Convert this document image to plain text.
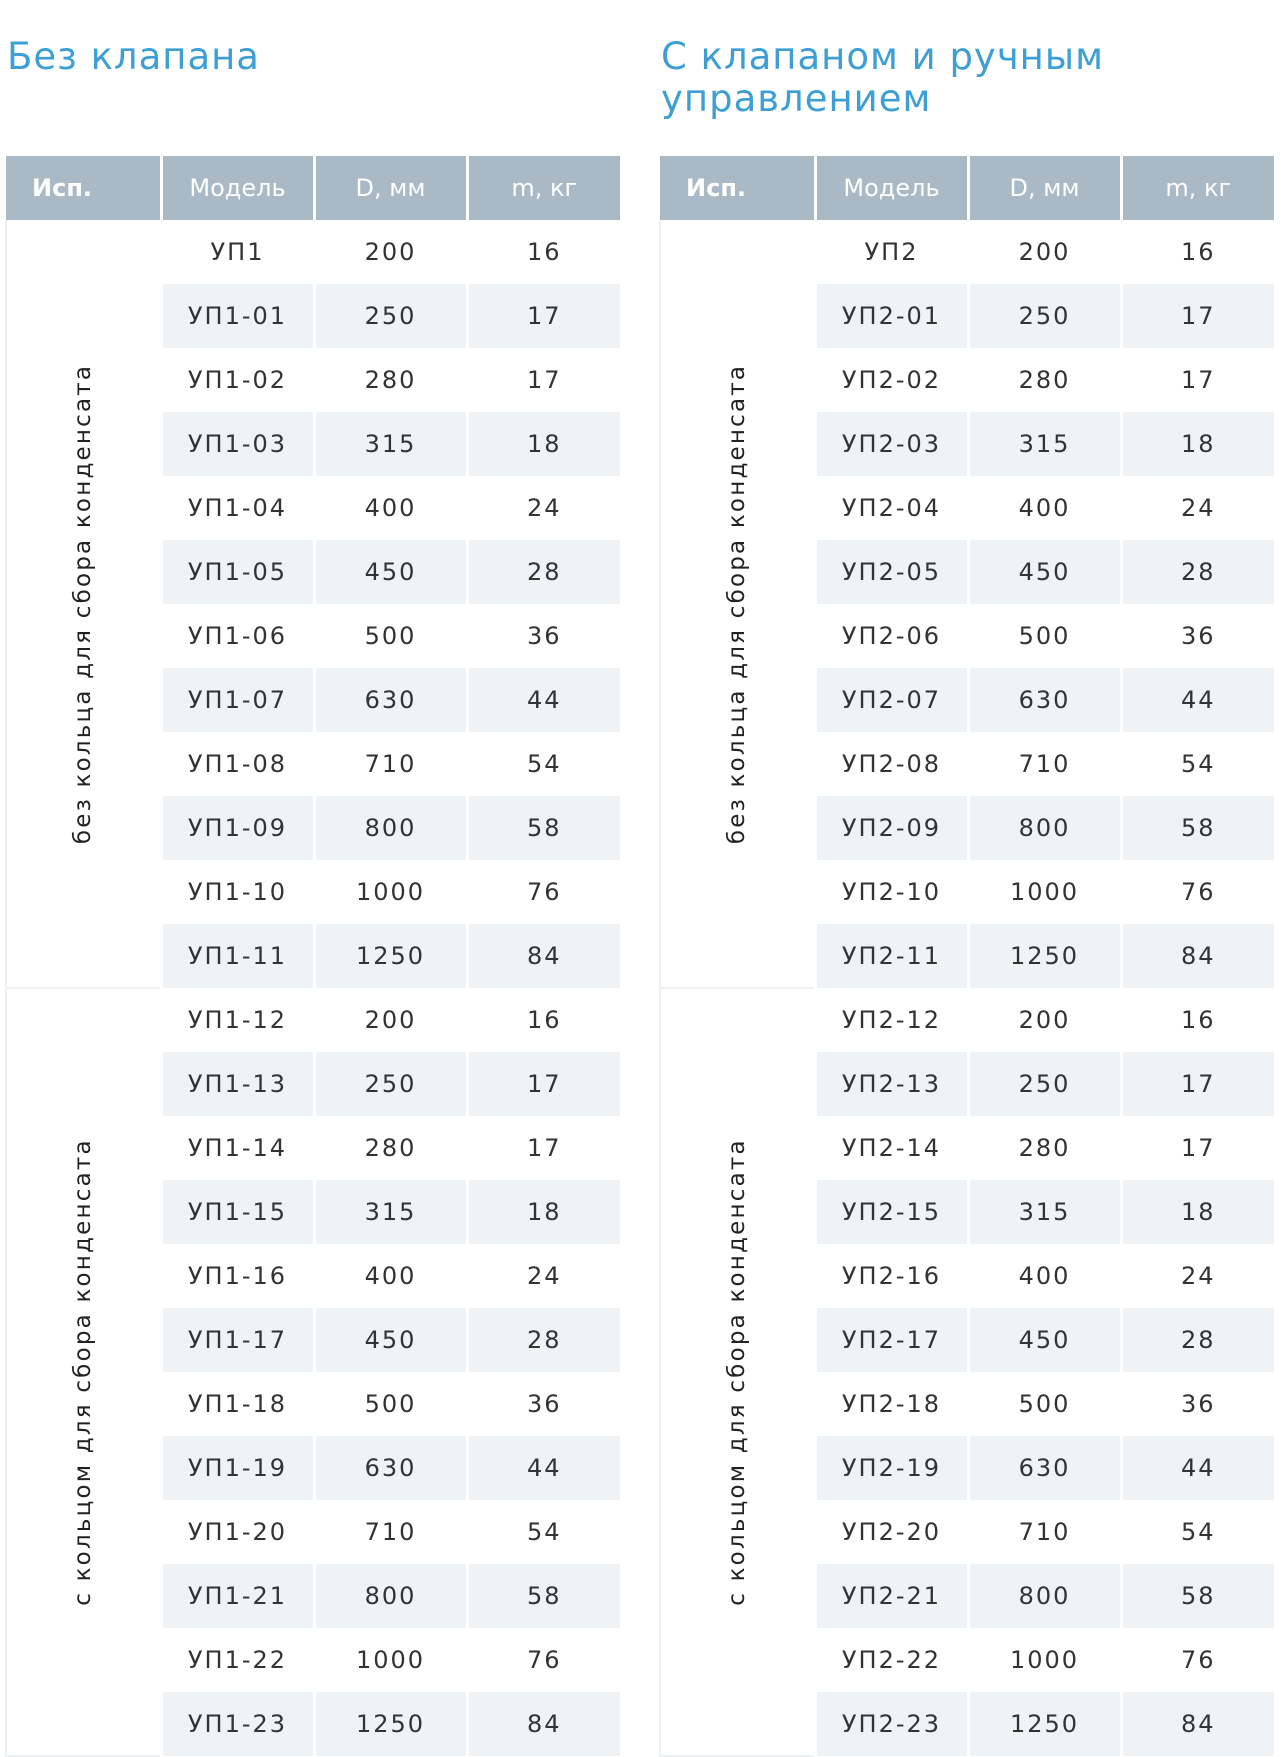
Без клапана
Исп.	Модель	D, мм	m, кг

без кольца для сбора конденсата	УП1	200	16
	УП1-01	250	17
	УП1-02	280	17
	УП1-03	315	18
	УП1-04	400	24
	УП1-05	450	28
	УП1-06	500	36
	УП1-07	630	44
	УП1-08	710	54
	УП1-09	800	58
	УП1-10	1000	76
	УП1-11	1250	84

с кольцом для сбора конденсата	УП1-12	200	16
	УП1-13	250	17
	УП1-14	280	17
	УП1-15	315	18
	УП1-16	400	24
	УП1-17	450	28
	УП1-18	500	36
	УП1-19	630	44
	УП1-20	710	54
	УП1-21	800	58
	УП1-22	1000	76
	УП1-23	1250	84
С клапаном и ручным управлением
Исп.	Модель	D, мм	m, кг

без кольца для сбора конденсата	УП2	200	16
	УП2-01	250	17
	УП2-02	280	17
	УП2-03	315	18
	УП2-04	400	24
	УП2-05	450	28
	УП2-06	500	36
	УП2-07	630	44
	УП2-08	710	54
	УП2-09	800	58
	УП2-10	1000	76
	УП2-11	1250	84

с кольцом для сбора конденсата	УП2-12	200	16
	УП2-13	250	17
	УП2-14	280	17
	УП2-15	315	18
	УП2-16	400	24
	УП2-17	450	28
	УП2-18	500	36
	УП2-19	630	44
	УП2-20	710	54
	УП2-21	800	58
	УП2-22	1000	76
	УП2-23	1250	84
